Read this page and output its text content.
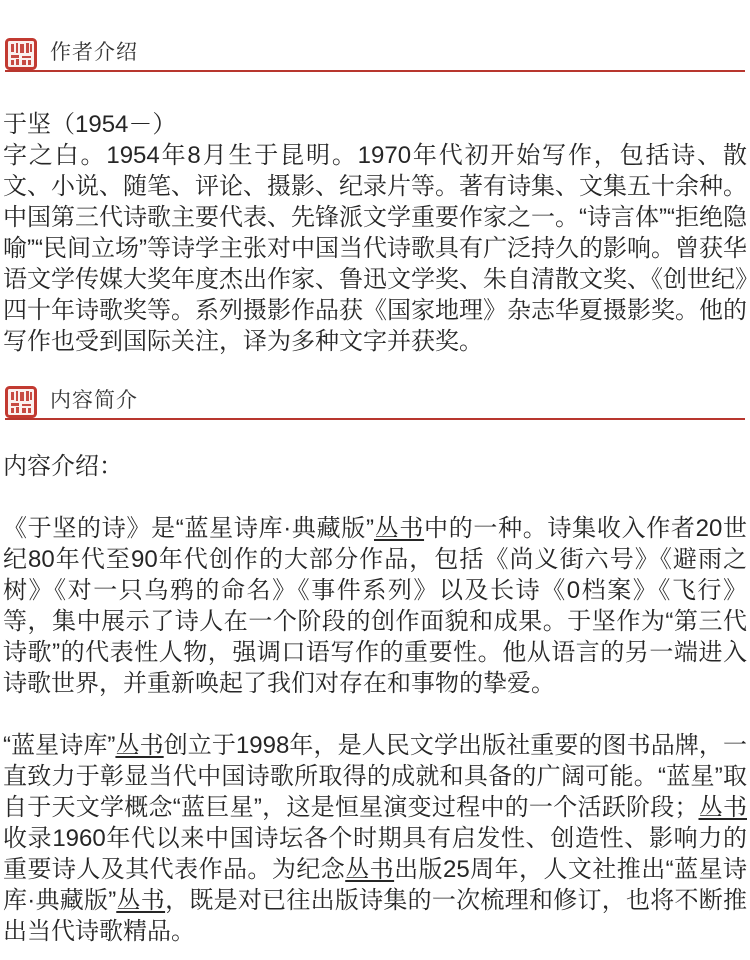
作者介绍

于坚（1954－）
字之白。1954年8月生于昆明。1970年代初开始写作，包括诗、散文、小说、随笔、评论、摄影、纪录片等。著有诗集、文集五十余种。中国第三代诗歌主要代表、先锋派文学重要作家之一。“诗言体”“拒绝隐喻”“民间立场”等诗学主张对中国当代诗歌具有广泛持久的影响。曾获华语文学传媒大奖年度杰出作家、鲁迅文学奖、朱自清散文奖、《创世纪》四十年诗歌奖等。系列摄影作品获《国家地理》杂志华夏摄影奖。他的写作也受到国际关注，译为多种文字并获奖。

内容简介

内容介绍：

《于坚的诗》是“蓝星诗库·典藏版”丛书中的一种。诗集收入作者20世纪80年代至90年代创作的大部分作品，包括《尚义街六号》《避雨之树》《对一只乌鸦的命名》《事件系列》以及长诗《0档案》《飞行》等，集中展示了诗人在一个阶段的创作面貌和成果。于坚作为“第三代诗歌”的代表性人物，强调口语写作的重要性。他从语言的另一端进入诗歌世界，并重新唤起了我们对存在和事物的挚爱。

“蓝星诗库”丛书创立于1998年，是人民文学出版社重要的图书品牌，一直致力于彰显当代中国诗歌所取得的成就和具备的广阔可能。“蓝星”取自于天文学概念“蓝巨星”，这是恒星演变过程中的一个活跃阶段；丛书收录1960年代以来中国诗坛各个时期具有启发性、创造性、影响力的重要诗人及其代表作品。为纪念丛书出版25周年，人文社推出“蓝星诗库·典藏版”丛书，既是对已往出版诗集的一次梳理和修订，也将不断推出当代诗歌精品。
